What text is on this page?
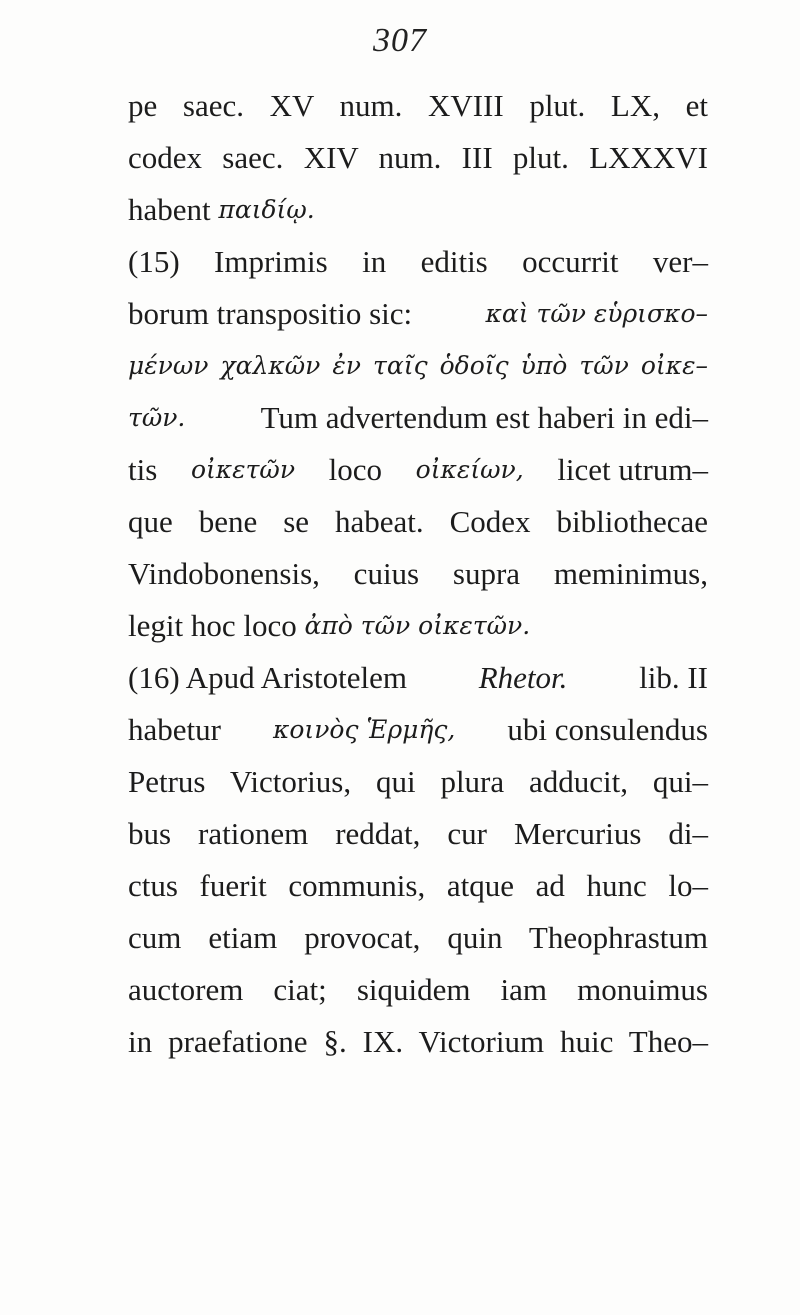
307
pe saec. XV num. XVIII plut. LX, et
codex saec. XIV num. III plut. LXXXVI
habent παιδίῳ.
(15) Imprimis in editis occurrit ver–
borum transpositio sic:	καὶ τῶν εὑρισκο–
μένων χαλκῶν ἐν ταῖς ὁδοῖς ὑπὸ τῶν οἰκε–
τῶν. Tum advertendum est haberi in edi–
tis οἰκετῶν loco οἰκείων, licet utrum–
que bene se habeat. Codex bibliothecae
Vindobonensis, cuius supra meminimus,
legit hoc loco ἀπὸ τῶν οἰκετῶν.
(16) Apud Aristotelem Rhetor. lib. II
habetur κοινὸς Ἑρμῆς, ubi consulendus
Petrus Victorius, qui plura adducit, qui–
bus rationem reddat, cur Mercurius di–
ctus fuerit communis, atque ad hunc lo–
cum etiam provocat, quin Theophrastum
auctorem ciat; siquidem iam monuimus
in praefatione §. IX. Victorium huic Theo–
